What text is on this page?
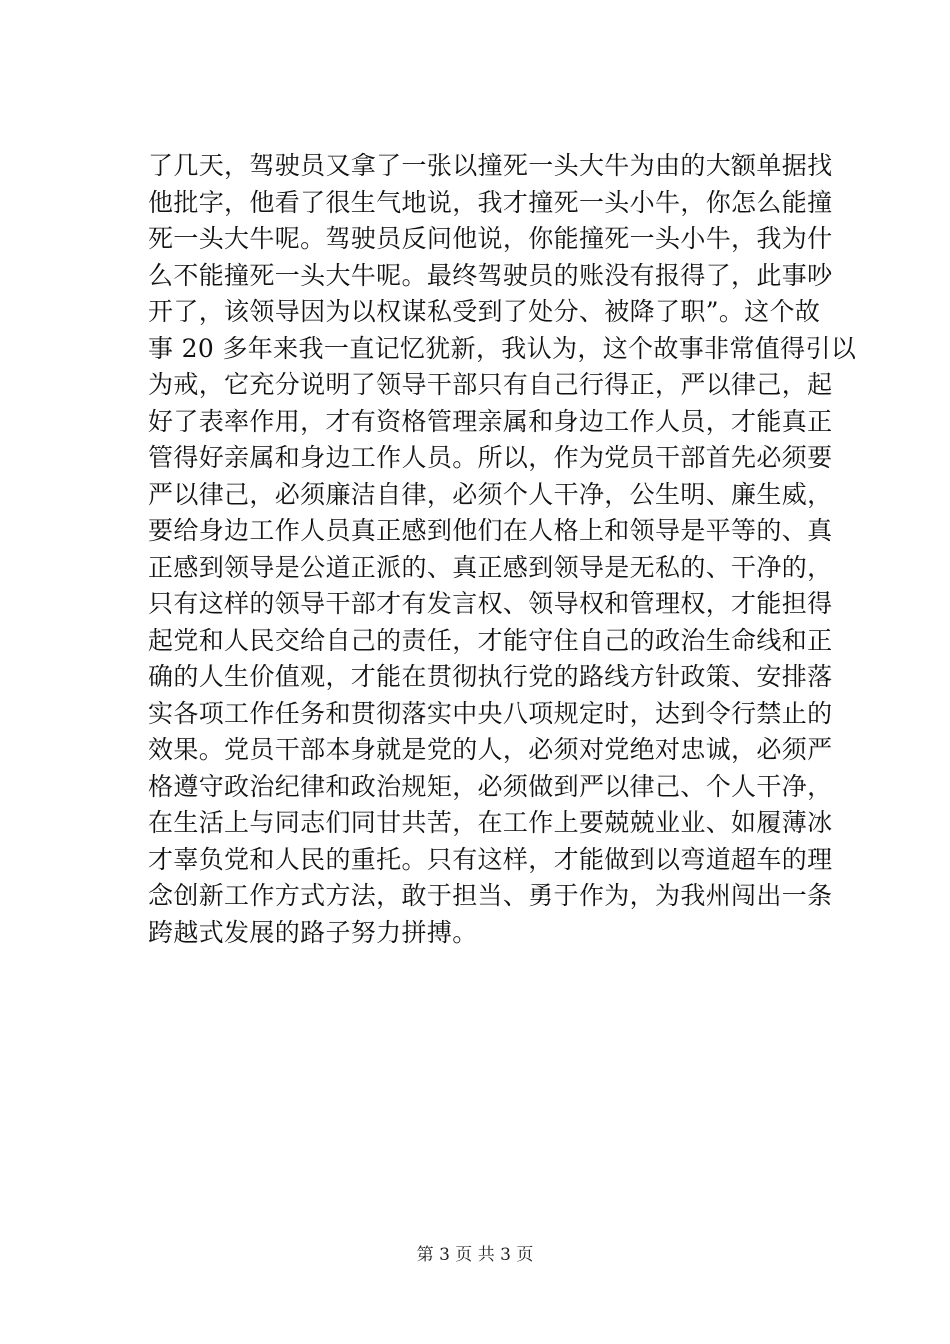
了几天，驾驶员又拿了一张以撞死一头大牛为由的大额单据找
他批字，他看了很生气地说，我才撞死一头小牛，你怎么能撞
死一头大牛呢。驾驶员反问他说，你能撞死一头小牛，我为什
么不能撞死一头大牛呢。最终驾驶员的账没有报得了，此事吵
开了，该领导因为以权谋私受到了处分、被降了职”。这个故
事 20 多年来我一直记忆犹新，我认为，这个故事非常值得引以
为戒，它充分说明了领导干部只有自己行得正，严以律己，起
好了表率作用，才有资格管理亲属和身边工作人员，才能真正
管得好亲属和身边工作人员。所以，作为党员干部首先必须要
严以律己，必须廉洁自律，必须个人干净，公生明、廉生威，
要给身边工作人员真正感到他们在人格上和领导是平等的、真
正感到领导是公道正派的、真正感到领导是无私的、干净的，
只有这样的领导干部才有发言权、领导权和管理权，才能担得
起党和人民交给自己的责任，才能守住自己的政治生命线和正
确的人生价值观，才能在贯彻执行党的路线方针政策、安排落
实各项工作任务和贯彻落实中央八项规定时，达到令行禁止的
效果。党员干部本身就是党的人，必须对党绝对忠诚，必须严
格遵守政治纪律和政治规矩，必须做到严以律己、个人干净，
在生活上与同志们同甘共苦，在工作上要兢兢业业、如履薄冰
才辜负党和人民的重托。只有这样，才能做到以弯道超车的理
念创新工作方式方法，敢于担当、勇于作为，为我州闯出一条
跨越式发展的路子努力拼搏。
第 3 页 共 3 页
